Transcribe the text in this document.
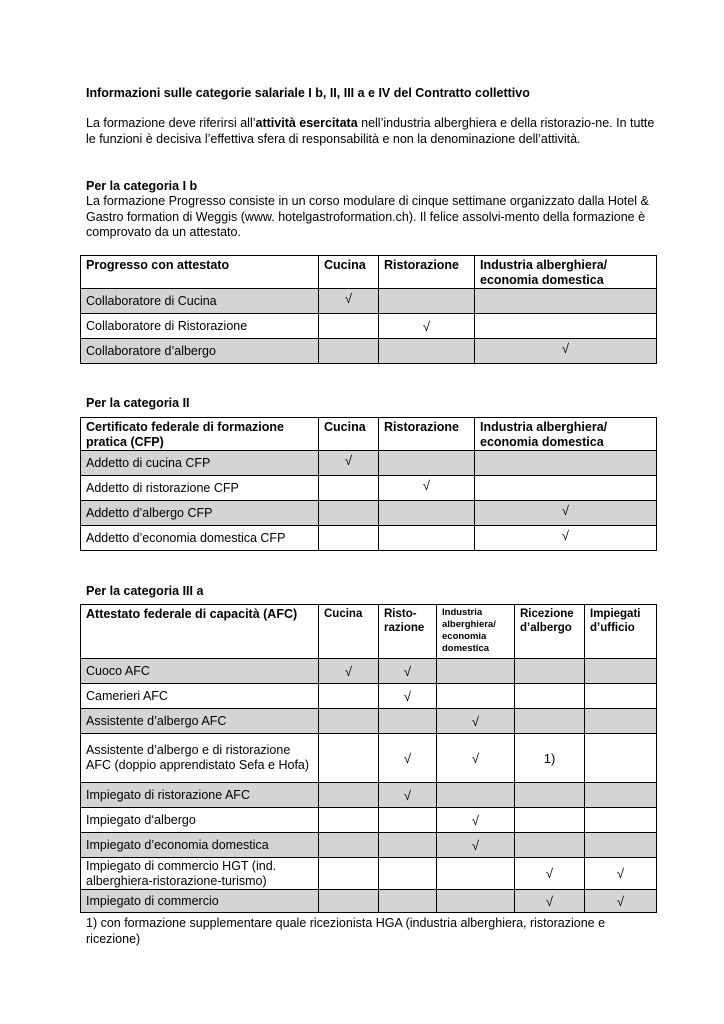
Informazioni sulle categorie salariale I b, II, III a e IV del Contratto collettivo
La formazione deve riferirsi all’attività esercitata nell’industria alberghiera e della ristorazio-ne. In tutte le funzioni è decisiva l’effettiva sfera di responsabilità e non la denominazione dell’attività.
Per la categoria I b
La formazione Progresso consiste in un corso modulare di cinque settimane organizzato dalla Hotel & Gastro formation di Weggis (www. hotelgastroformation.ch). Il felice assolvi-mento della formazione è comprovato da un attestato.
Progresso con attestato	Cucina	Ristorazione	Industria alberghiera/ economia domestica
Collaboratore di Cucina	√		
Collaboratore di Ristorazione		√	
Collaboratore d’albergo			√
Per la categoria II
Certificato federale di formazione pratica (CFP)	Cucina	Ristorazione	Industria alberghiera/ economia domestica
Addetto di cucina CFP	√		
Addetto di ristorazione CFP		√	
Addetto d’albergo CFP			√
Addetto d’economia domestica CFP			√
Per la categoria III a
Attestato federale di capacità (AFC)	Cucina	Risto-razione	Industria alberghiera/ economia domestica	Ricezione d’albergo	Impiegati d’ufficio
Cuoco AFC	√	√			
Camerieri AFC		√			
Assistente d’albergo AFC			√		
Assistente d’albergo e di ristorazione AFC (doppio apprendistato Sefa e Hofa)		√	√	1)	
Impiegato di ristorazione AFC		√			
Impiegato d‘albergo			√		
Impiegato d’economia domestica			√		
Impiegato di commercio HGT (ind. alberghiera-ristorazione-turismo)				√	√
Impiegato di commercio				√	√
1) con formazione supplementare quale ricezionista HGA (industria alberghiera, ristorazione e ricezione)
